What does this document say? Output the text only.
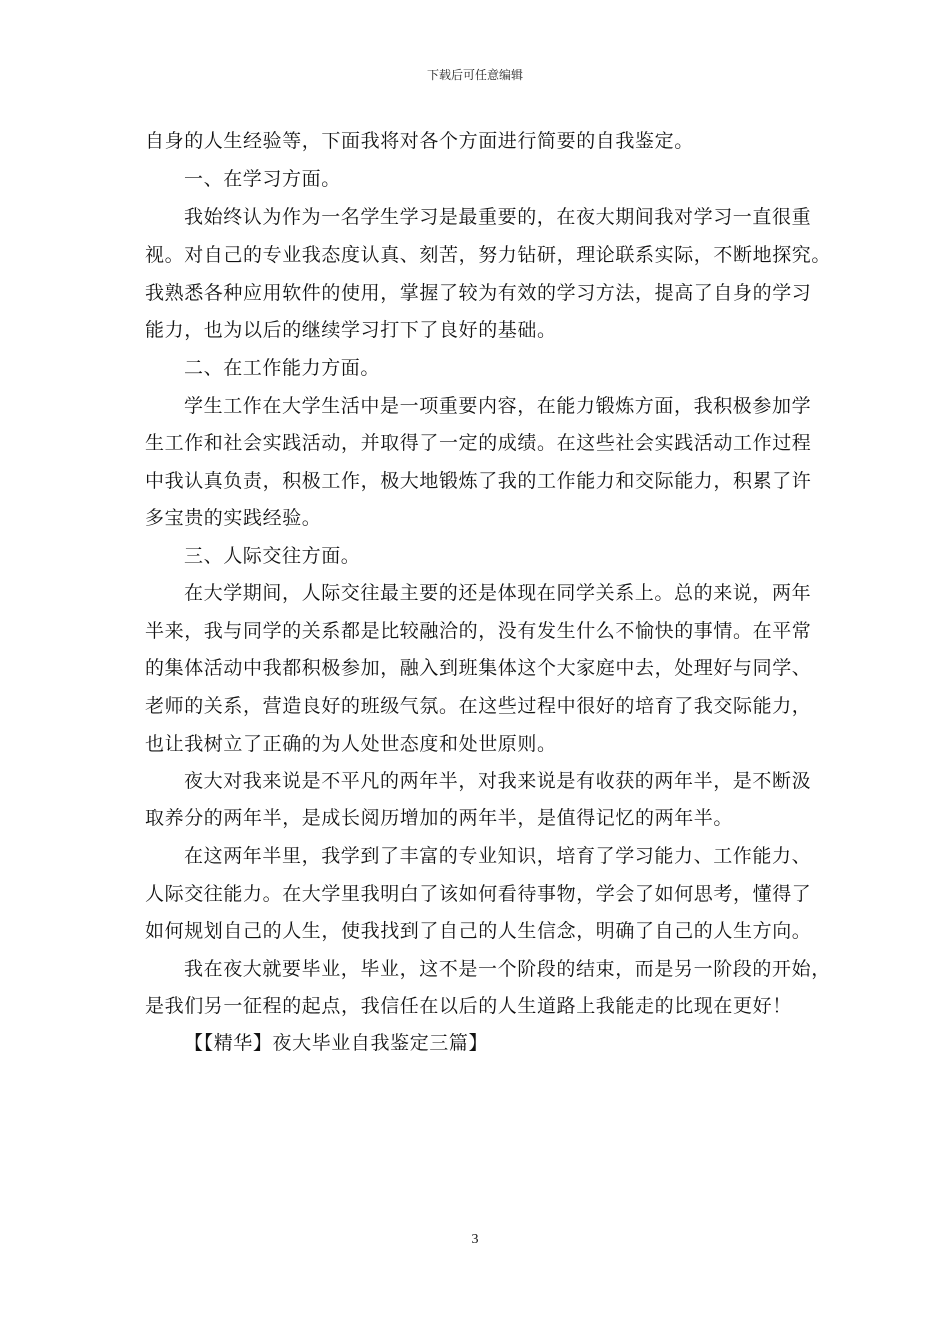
下载后可任意编辑
自身的人生经验等，下面我将对各个方面进行简要的自我鉴定。
一、在学习方面。
我始终认为作为一名学生学习是最重要的，在夜大期间我对学习一直很重
视。对自己的专业我态度认真、刻苦，努力钻研，理论联系实际，不断地探究。
我熟悉各种应用软件的使用，掌握了较为有效的学习方法，提高了自身的学习
能力，也为以后的继续学习打下了良好的基础。
二、在工作能力方面。
学生工作在大学生活中是一项重要内容，在能力锻炼方面，我积极参加学
生工作和社会实践活动，并取得了一定的成绩。在这些社会实践活动工作过程
中我认真负责，积极工作，极大地锻炼了我的工作能力和交际能力，积累了许
多宝贵的实践经验。
三、人际交往方面。
在大学期间，人际交往最主要的还是体现在同学关系上。总的来说，两年
半来，我与同学的关系都是比较融洽的，没有发生什么不愉快的事情。在平常
的集体活动中我都积极参加，融入到班集体这个大家庭中去，处理好与同学、
老师的关系，营造良好的班级气氛。在这些过程中很好的培育了我交际能力，
也让我树立了正确的为人处世态度和处世原则。
夜大对我来说是不平凡的两年半，对我来说是有收获的两年半，是不断汲
取养分的两年半，是成长阅历增加的两年半，是值得记忆的两年半。
在这两年半里，我学到了丰富的专业知识，培育了学习能力、工作能力、
人际交往能力。在大学里我明白了该如何看待事物，学会了如何思考，懂得了
如何规划自己的人生，使我找到了自己的人生信念，明确了自己的人生方向。
我在夜大就要毕业，毕业，这不是一个阶段的结束，而是另一阶段的开始，
是我们另一征程的起点，我信任在以后的人生道路上我能走的比现在更好！
【【精华】夜大毕业自我鉴定三篇】
3
